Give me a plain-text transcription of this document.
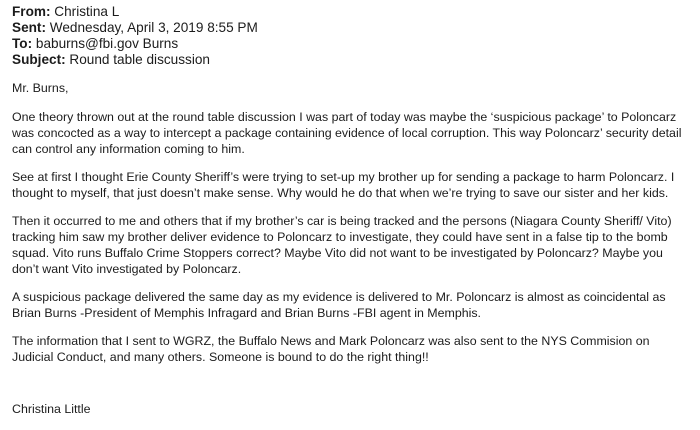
From: Christina L
Sent: Wednesday, April 3, 2019 8:55 PM
To: baburns@fbi.gov Burns
Subject: Round table discussion

Mr. Burns,

One theory thrown out at the round table discussion I was part of today was maybe the ‘suspicious package’ to Poloncarz was concocted as a way to intercept a package containing evidence of local corruption. This way Poloncarz’ security detail can control any information coming to him.

See at first I thought Erie County Sheriff’s were trying to set-up my brother up for sending a package to harm Poloncarz. I thought to myself, that just doesn’t make sense. Why would he do that when we’re trying to save our sister and her kids.

Then it occurred to me and others that if my brother’s car is being tracked and the persons (Niagara County Sheriff/ Vito) tracking him saw my brother deliver evidence to Poloncarz to investigate, they could have sent in a false tip to the bomb squad. Vito runs Buffalo Crime Stoppers correct? Maybe Vito did not want to be investigated by Poloncarz? Maybe you don’t want Vito investigated by Poloncarz.

A suspicious package delivered the same day as my evidence is delivered to Mr. Poloncarz is almost as coincidental as Brian Burns -President of Memphis Infragard and Brian Burns -FBI agent in Memphis.

The information that I sent to WGRZ, the Buffalo News and Mark Poloncarz was also sent to the NYS Commision on Judicial Conduct, and many others. Someone is bound to do the right thing!!

Christina Little
